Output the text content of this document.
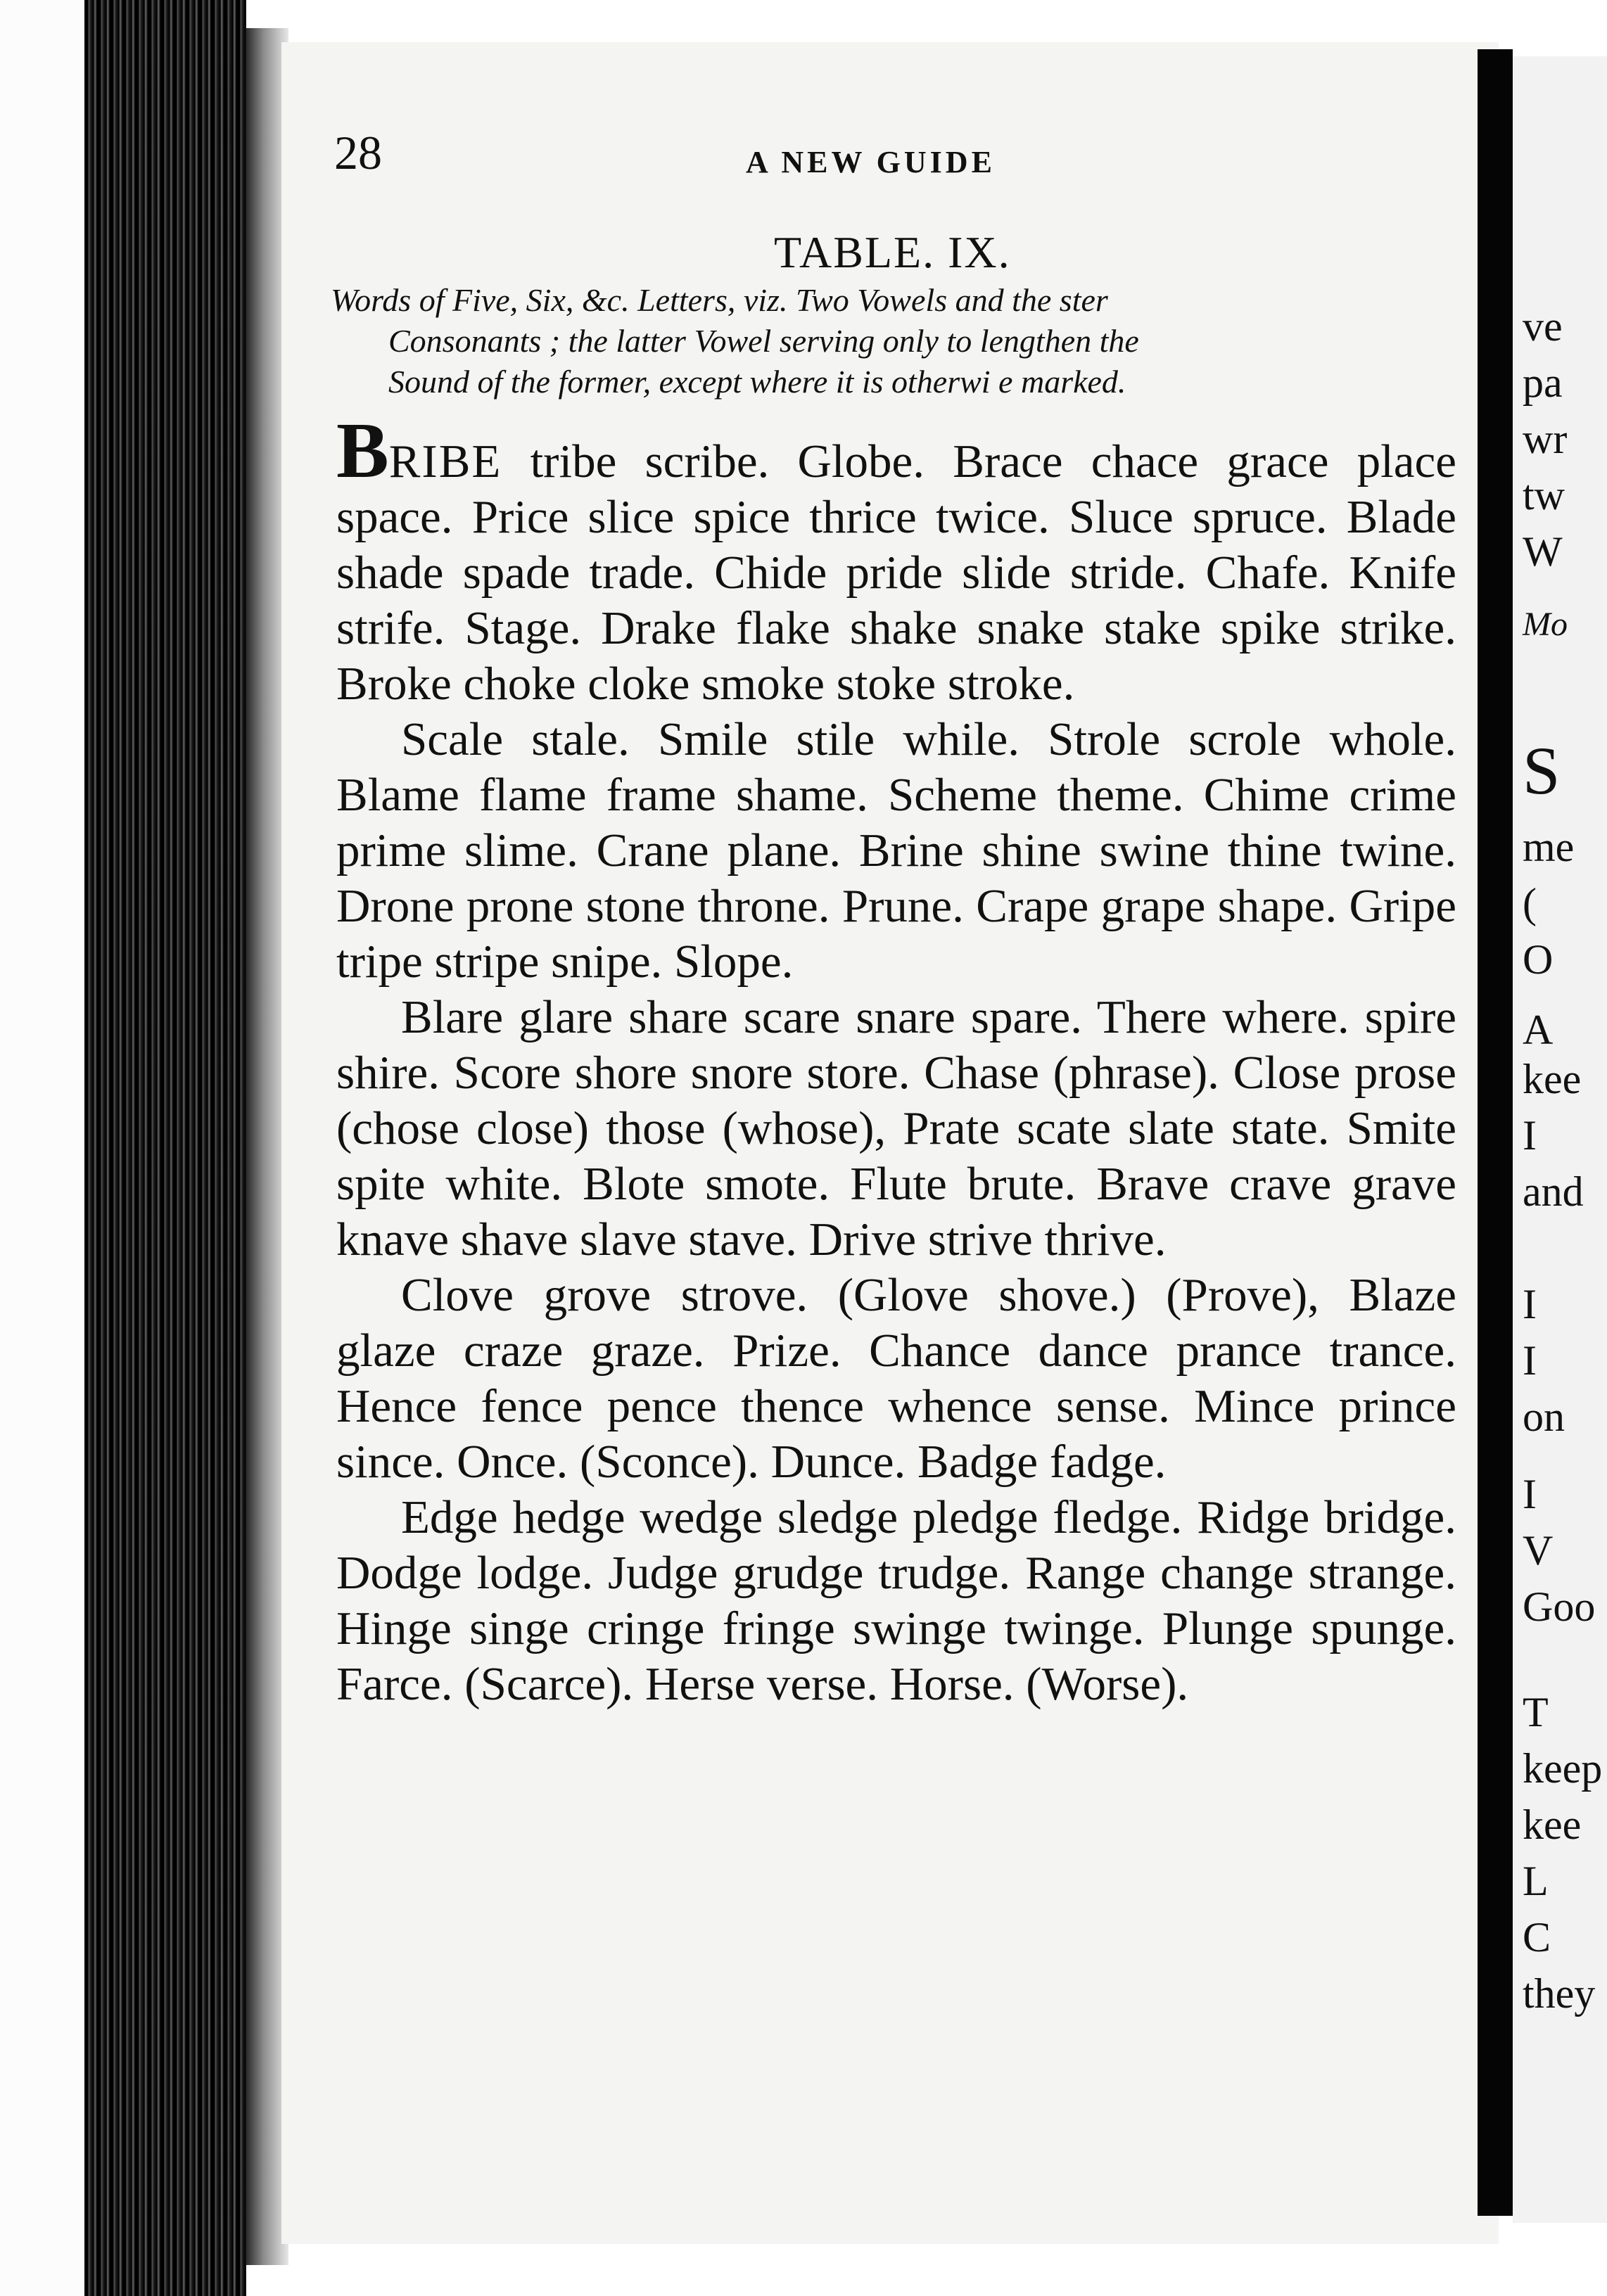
28	A NEW GUIDE
TABLE. IX.
Words of Five, Six, &c. Letters, viz. Two Vowels and the ster
Consonants ; the latter Vowel serving only to lengthen the
Sound of the former, except where it is otherwi e marked.

BRIBE tribe scribe. Globe. Brace chace grace place space. Price slice spice thrice twice. Sluce spruce. Blade shade spade trade. Chide pride slide stride. Chafe. Knife strife. Stage. Drake flake shake snake stake spike strike. Broke choke cloke smoke stoke stroke.

Scale stale. Smile stile while. Strole scrole whole. Blame flame frame shame. Scheme theme. Chime crime prime slime. Crane plane. Brine shine swine thine twine. Drone prone stone throne. Prune. Crape grape shape. Gripe tripe stripe snipe. Slope.

Blare glare share scare snare spare. There where. spire shire. Score shore snore store. Chase (phrase). Close prose (chose close) those (whose), Prate scate slate state. Smite spite white. Blote smote. Flute brute. Brave crave grave knave shave slave stave. Drive strive thrive.

Clove grove strove. (Glove shove.) (Prove), Blaze glaze craze graze. Prize. Chance dance prance trance. Hence fence pence thence whence sense. Mince prince since. Once. (Sconce). Dunce. Badge fadge.

Edge hedge wedge sledge pledge fledge. Ridge bridge. Dodge lodge. Judge grudge trudge. Range change strange. Hinge singe cringe fringe swinge twinge. Plunge spunge. Farce. (Scarce). Herse verse. Horse. (Worse).

ve
pa
wr
tw
W
Mo
S
me
(
O
A
kee
I
and
I
I
on
I
V
Goo
T
keep
kee
L
C
they
